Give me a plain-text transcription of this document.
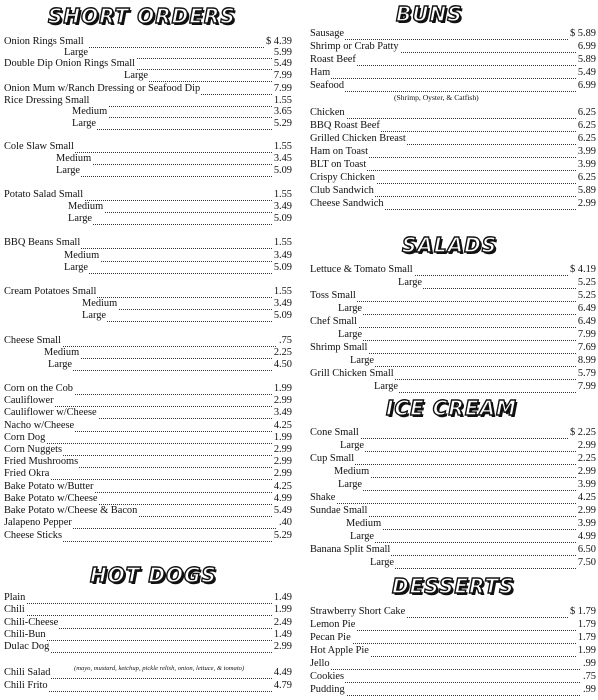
SHORT ORDERS
Onion Rings Small	$ 4.39
Large	5.99
Double Dip Onion Rings Small	5.49
Large	7.99
Onion Mum w/Ranch Dressing or Seafood Dip	7.99
Rice Dressing Small	1.55
Medium	3.65
Large	5.29
Cole Slaw Small	1.55
Medium	3.45
Large	5.09
Potato Salad Small	1.55
Medium	3.49
Large	5.09
BBQ Beans Small	1.55
Medium	3.49
Large	5.09
Cream Potatoes Small	1.55
Medium	3.49
Large	5.09
Cheese Small	.75
Medium	2.25
Large	4.50
Corn on the Cob	1.99
Cauliflower	2.99
Cauliflower w/Cheese	3.49
Nacho w/Cheese	4.25
Corn Dog	1.99
Corn Nuggets	2.99
Fried Mushrooms	2.99
Fried Okra	2.99
Bake Potato w/Butter	4.25
Bake Potato w/Cheese	4.99
Bake Potato w/Cheese & Bacon	5.49
Jalapeno Pepper	.40
Cheese Sticks	5.29
HOT DOGS
Plain	1.49
Chili	1.99
Chili-Cheese	2.49
Chili-Bun	1.49
Dulac Dog	2.99
Chili Salad	4.49
Chili Frito	4.79
(mayo, mustard, ketchup, pickle relish, onion, lettuce, & tomato)
BUNS
Sausage	$ 5.89
Shrimp or Crab Patty	6.99
Roast Beef	5.89
Ham	5.49
Seafood	6.99
Chicken	6.25
BBQ Roast Beef	6.25
Grilled Chicken Breast	6.25
Ham on Toast	3.99
BLT on Toast	3.99
Crispy Chicken	6.25
Club Sandwich	5.89
Cheese Sandwich	2.99
(Shrimp, Oyster, & Catfish)
SALADS
Lettuce & Tomato Small	$ 4.19
Large	5.25
Toss Small	5.25
Large	6.49
Chef Small	6.49
Large	7.99
Shrimp Small	7.69
Large	8.99
Grill Chicken Small	5.79
Large	7.99
ICE CREAM
Cone Small	$ 2.25
Large	2.99
Cup Small	2.25
Medium	2.99
Large	3.99
Shake	4.25
Sundae Small	2.99
Medium	3.99
Large	4.99
Banana Split Small	6.50
Large	7.50
DESSERTS
Strawberry Short Cake	$ 1.79
Lemon Pie	1.79
Pecan Pie	1.79
Hot Apple Pie	1.99
Jello	.99
Cookies	.75
Pudding	.99
